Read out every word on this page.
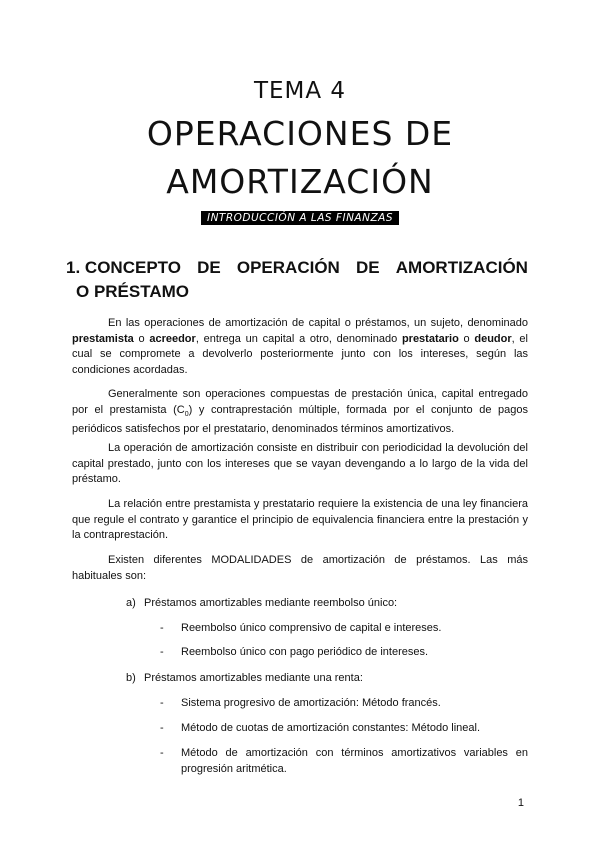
TEMA 4
OPERACIONES DE
AMORTIZACIÓN
INTRODUCCIÓN A LAS FINANZAS
1. CONCEPTO DE OPERACIÓN DE AMORTIZACIÓN
O PRÉSTAMO
En las operaciones de amortización de capital o préstamos, un sujeto, denominado prestamista o acreedor, entrega un capital a otro, denominado prestatario o deudor, el cual se compromete a devolverlo posteriormente junto con los intereses, según las condiciones acordadas.
Generalmente son operaciones compuestas de prestación única, capital entregado por el prestamista $(C_0)$ y contraprestación múltiple, formada por el conjunto de pagos periódicos satisfechos por el prestatario, denominados términos amortizativos.
La operación de amortización consiste en distribuir con periodicidad la devolución del capital prestado, junto con los intereses que se vayan devengando a lo largo de la vida del préstamo.
La relación entre prestamista y prestatario requiere la existencia de una ley financiera que regule el contrato y garantice el principio de equivalencia financiera entre la prestación y la contraprestación.
Existen diferentes MODALIDADES de amortización de préstamos. Las más habituales son:
a) Préstamos amortizables mediante reembolso único:
- Reembolso único comprensivo de capital e intereses.
- Reembolso único con pago periódico de intereses.
b) Préstamos amortizables mediante una renta:
- Sistema progresivo de amortización: Método francés.
- Método de cuotas de amortización constantes: Método lineal.
- Método de amortización con términos amortizativos variables en progresión aritmética.
1
